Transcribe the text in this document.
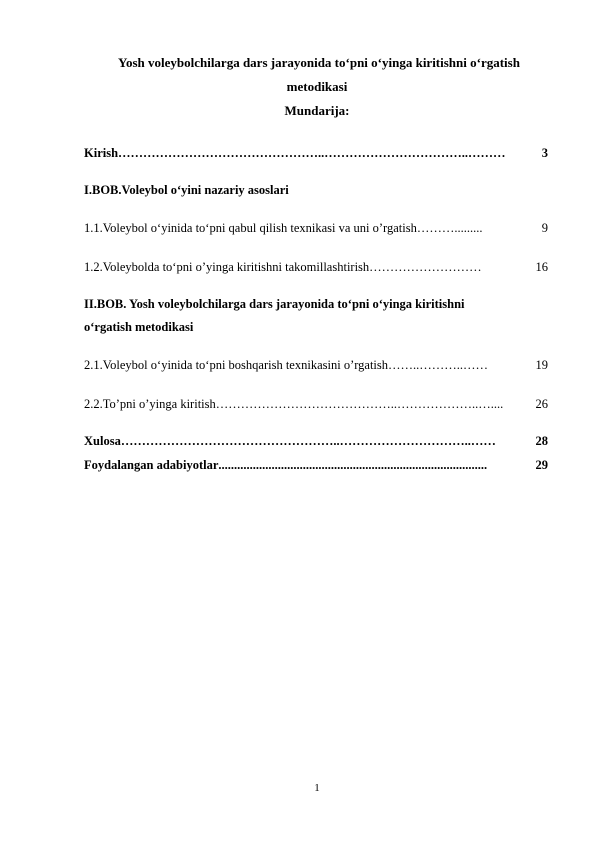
Yosh voleybolchilarga dars jarayonida to‘pni o‘yinga kiritishni o‘rgatish
metodikasi
Mundarija:
Kirish …………………………………………..……………………………..………	3
I.BOB.Voleybol o‘yini nazariy asoslari
1.1.Voleybol o‘yinida to‘pni qabul qilish texnikasi va uni o’rgatish ……….........	9
1.2.Voleybolda to‘pni o’yinga kiritishni takomillashtirish ………………………	16
II.BOB. Yosh voleybolchilarga dars jarayonida to‘pni o‘yinga kiritishni
o‘rgatish metodikasi
2.1.Voleybol o‘yinida to‘pni boshqarish texnikasini o’rgatish ……..………..……	19
2.2.To’pni o’yinga kiritish ……………………………………..………………..…....	26
Xulosa ……………………………………………..…………………………..……	28
Foydalangan adabiyotlar ......................................................................................	29
1
